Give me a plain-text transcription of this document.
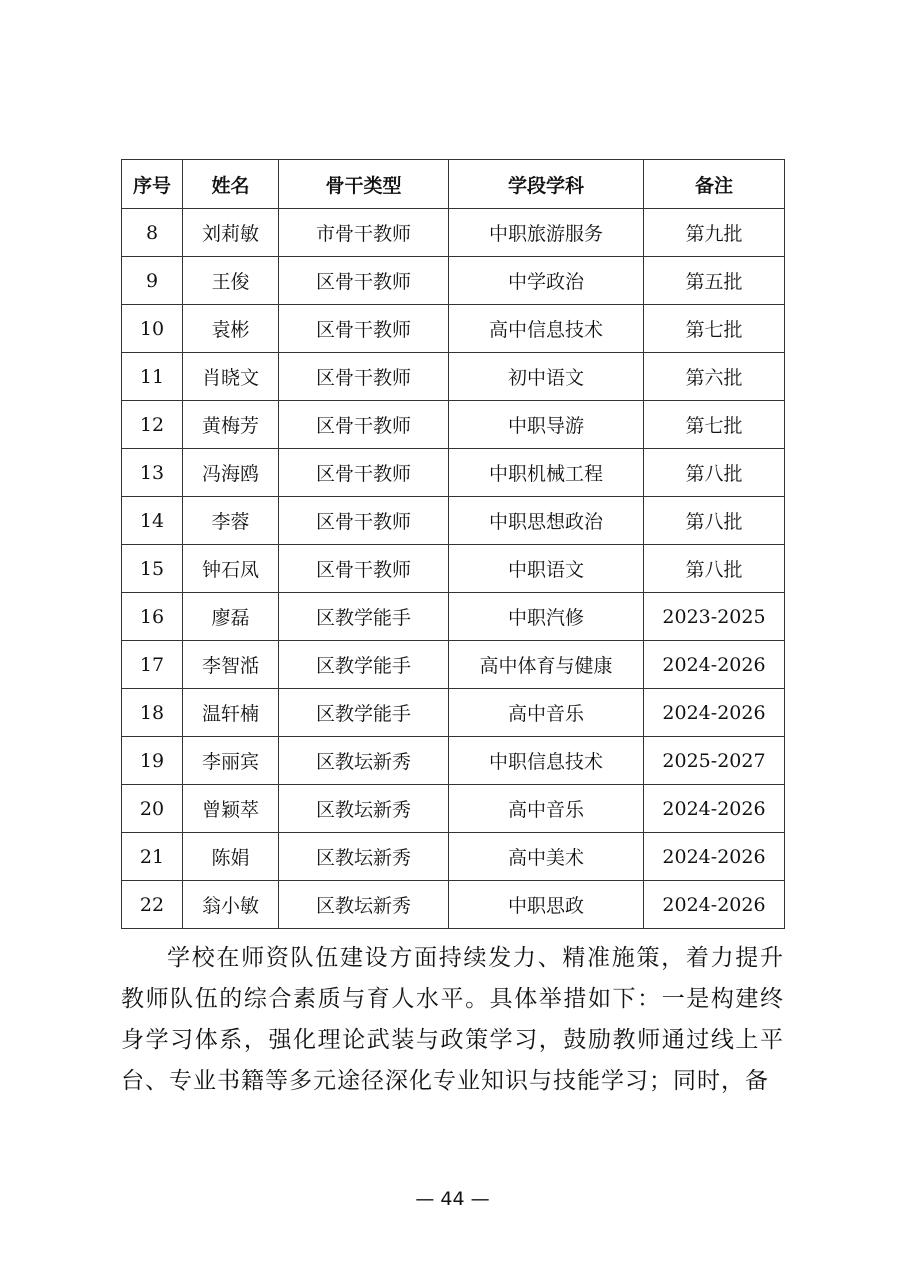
序号	姓名	骨干类型	学段学科	备注
8	刘莉敏	市骨干教师	中职旅游服务	第九批
9	王俊	区骨干教师	中学政治	第五批
10	袁彬	区骨干教师	高中信息技术	第七批
11	肖晓文	区骨干教师	初中语文	第六批
12	黄梅芳	区骨干教师	中职导游	第七批
13	冯海鸥	区骨干教师	中职机械工程	第八批
14	李蓉	区骨干教师	中职思想政治	第八批
15	钟石凤	区骨干教师	中职语文	第八批
16	廖磊	区教学能手	中职汽修	2023-2025
17	李智湉	区教学能手	高中体育与健康	2024-2026
18	温轩楠	区教学能手	高中音乐	2024-2026
19	李丽宾	区教坛新秀	中职信息技术	2025-2027
20	曾颖萃	区教坛新秀	高中音乐	2024-2026
21	陈娟	区教坛新秀	高中美术	2024-2026
22	翁小敏	区教坛新秀	中职思政	2024-2026

学校在师资队伍建设方面持续发力、精准施策，着力提升教师队伍的综合素质与育人水平。具体举措如下：一是构建终身学习体系，强化理论武装与政策学习，鼓励教师通过线上平台、专业书籍等多元途径深化专业知识与技能学习；同时，备

— 44 —
